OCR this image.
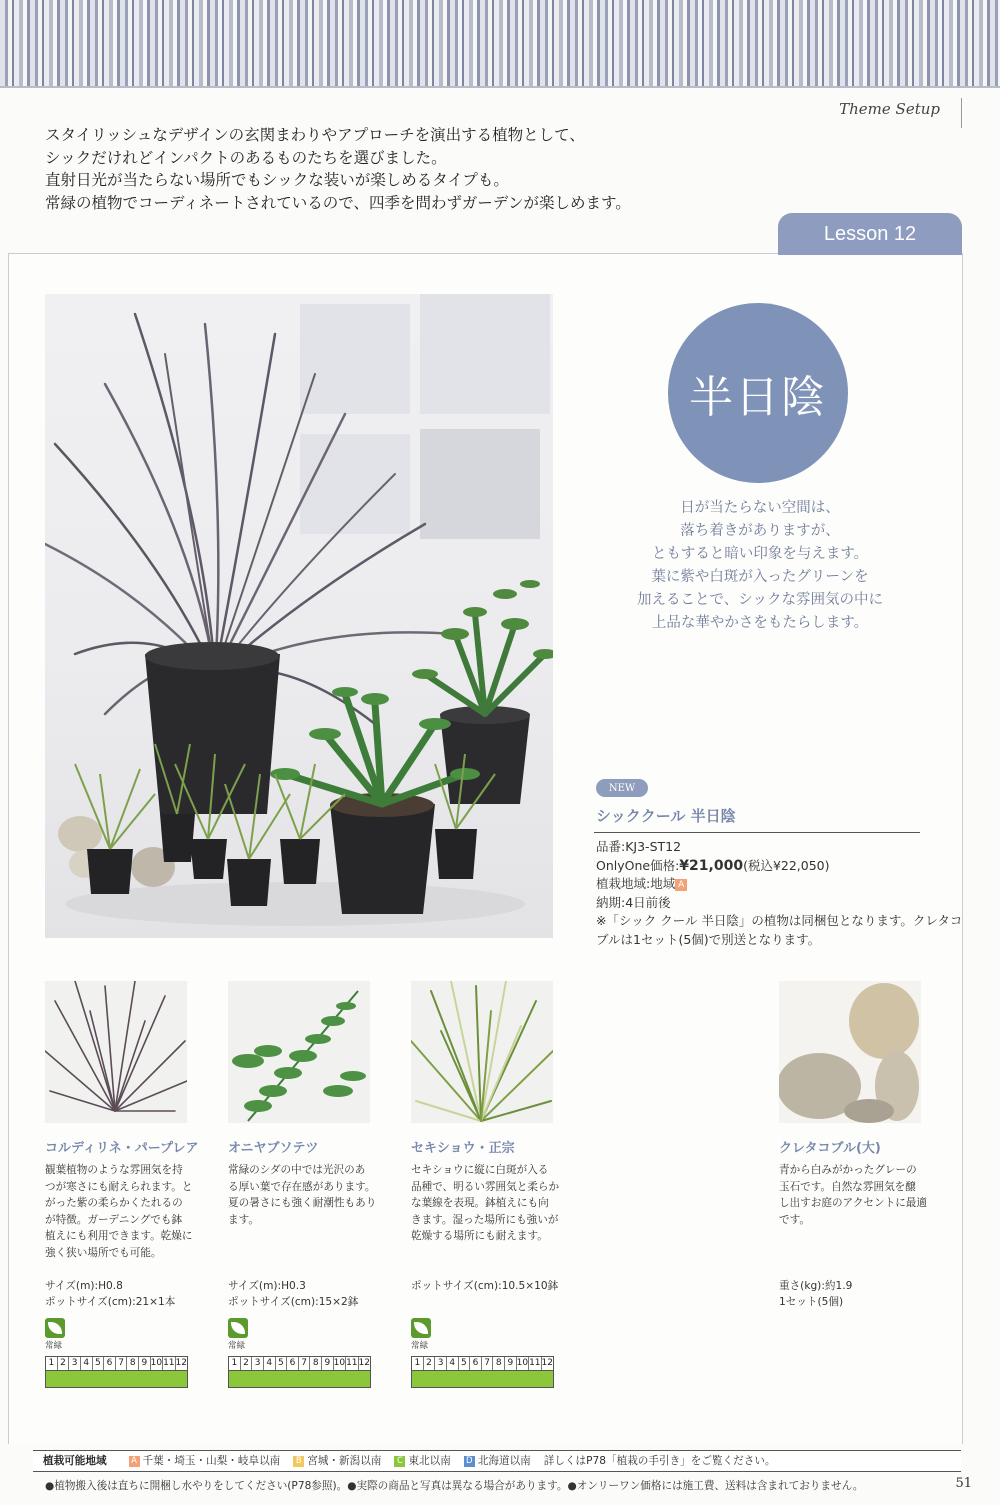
Theme Setup
スタイリッシュなデザインの玄関まわりやアプローチを演出する植物として、
シックだけれどインパクトのあるものたちを選びました。
直射日光が当たらない場所でもシックな装いが楽しめるタイプも。
常緑の植物でコーディネートされているので、四季を問わずガーデンが楽しめます。
Lesson 12
半日陰
日が当たらない空間は、
落ち着きがありますが、
ともすると暗い印象を与えます。
葉に紫や白斑が入ったグリーンを
加えることで、シックな雰囲気の中に
上品な華やかさをもたらします。
NEW
シッククール 半日陰
品番:KJ3-ST12
OnlyOne価格:¥21,000(税込¥22,050)
植栽地域:地域 A
納期:4日前後
※「シック クール 半日陰」の植物は同梱包となります。クレタコ
ブルは1セット(5個)で別送となります。
コルディリネ・パープレア
観葉植物のような雰囲気を持
つが寒さにも耐えられます。と
がった紫の柔らかくたれるの
が特徴。ガーデニングでも鉢
植えにも利用できます。乾燥に
強く狭い場所でも可能。
サイズ(m):H0.8
ポットサイズ(cm):21×1本
常緑
1 2 3 4 5 6 7 8 9 10 11 12
オニヤブソテツ
常緑のシダの中では光沢のあ
る厚い葉で存在感があります。
夏の暑さにも強く耐潮性もあり
ます。
サイズ(m):H0.3
ポットサイズ(cm):15×2鉢
常緑
1 2 3 4 5 6 7 8 9 10 11 12
セキショウ・正宗
セキショウに縦に白斑が入る
品種で、明るい雰囲気と柔らか
な葉線を表現。鉢植えにも向
きます。湿った場所にも強いが
乾燥する場所にも耐えます。
ポットサイズ(cm):10.5×10鉢
常緑
1 2 3 4 5 6 7 8 9 10 11 12
クレタコブル(大)
青から白みがかったグレーの
玉石です。自然な雰囲気を醸
し出すお庭のアクセントに最適
です。
重さ(kg):約1.9
1セット(5個)
植栽可能地域	A 千葉・埼玉・山梨・岐阜以南	B 宮城・新潟以南 C 東北以南 D 北海道以南 詳しくはP78「植栽の手引き」をご覧ください。
●植物搬入後は直ちに開梱し水やりをしてください(P78参照)。●実際の商品と写真は異なる場合があります。●オンリーワン価格には施工費、送料は含まれておりません。	51
